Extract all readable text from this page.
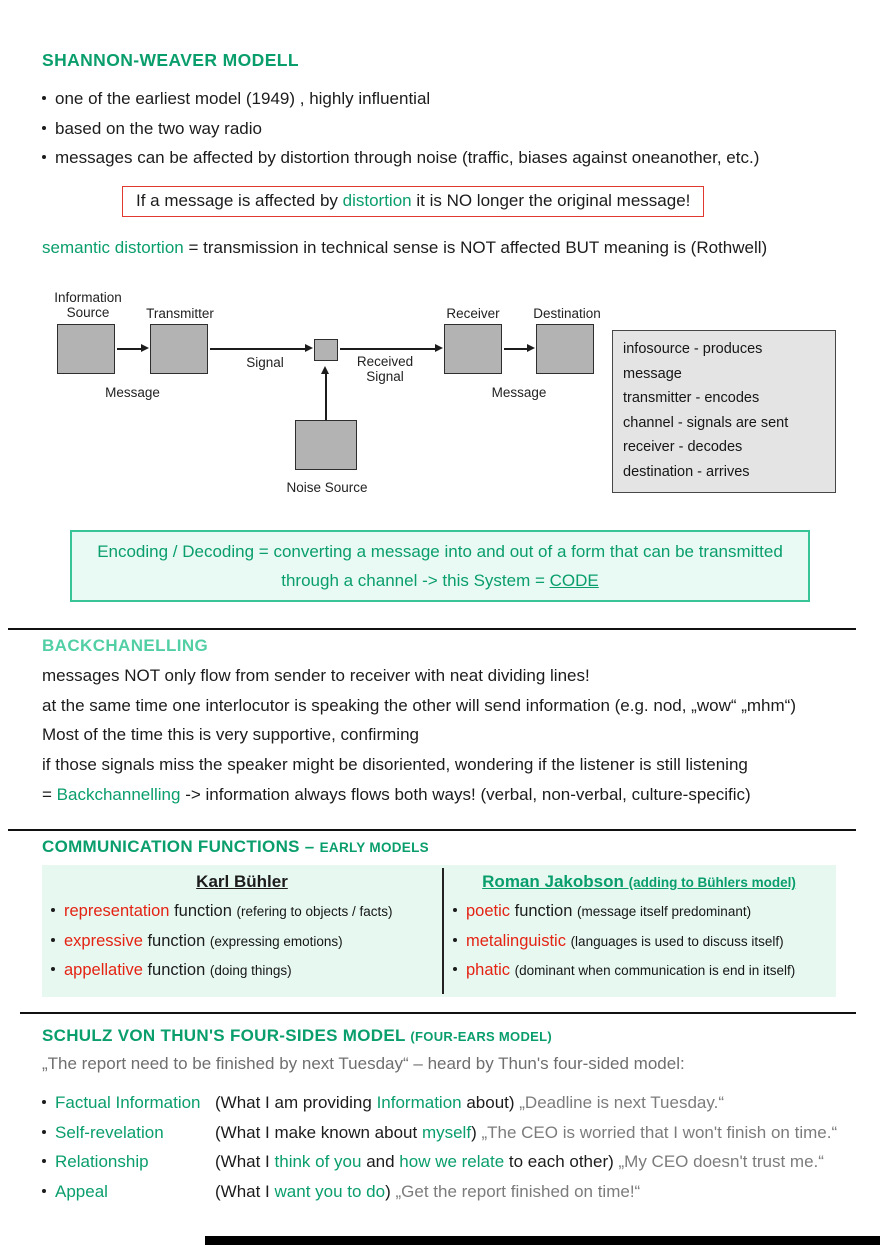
SHANNON-WEAVER MODELL
one of the earliest model (1949) , highly influential
based on the two way radio
messages can be affected by distortion through noise (traffic, biases against oneanother, etc.)
If a message is affected by distortion it is NO longer the original message!
semantic distortion = transmission in technical sense is NOT affected BUT meaning is (Rothwell)
Information Source	Transmitter	Receiver	Destination
Signal	Received Signal
Message	Message
Noise Source
infosource - produces message
transmitter - encodes
channel - signals are sent
receiver - decodes
destination - arrives
Encoding / Decoding = converting a message into and out of a form that can be transmitted
through a channel -> this System = CODE
BACKCHANELLING
messages NOT only flow from sender to receiver with neat dividing lines!
at the same time one interlocutor is speaking the other will send information (e.g. nod, „wow“ „mhm“)
Most of the time this is very supportive, confirming
if those signals miss the speaker might be disoriented, wondering if the listener is still listening
= Backchannelling -> information always flows both ways! (verbal, non-verbal, culture-specific)
COMMUNICATION FUNCTIONS – EARLY MODELS
Karl Bühler
representation function (refering to objects / facts)
expressive function (expressing emotions)
appellative function (doing things)
Roman Jakobson (adding to Bühlers model)
poetic function (message itself predominant)
metalinguistic (languages is used to discuss itself)
phatic (dominant when communication is end in itself)
SCHULZ VON THUN'S FOUR-SIDES MODEL (FOUR-EARS MODEL)
„The report need to be finished by next Tuesday“ – heard by Thun's four-sided model:
Factual Information (What I am providing Information about) „Deadline is next Tuesday.“
Self-revelation	(What I make known about myself) „The CEO is worried that I won't finish on time.“
Relationship	(What I think of you and how we relate to each other) „My CEO doesn't trust me.“
Appeal	(What I want you to do) „Get the report finished on time!“
